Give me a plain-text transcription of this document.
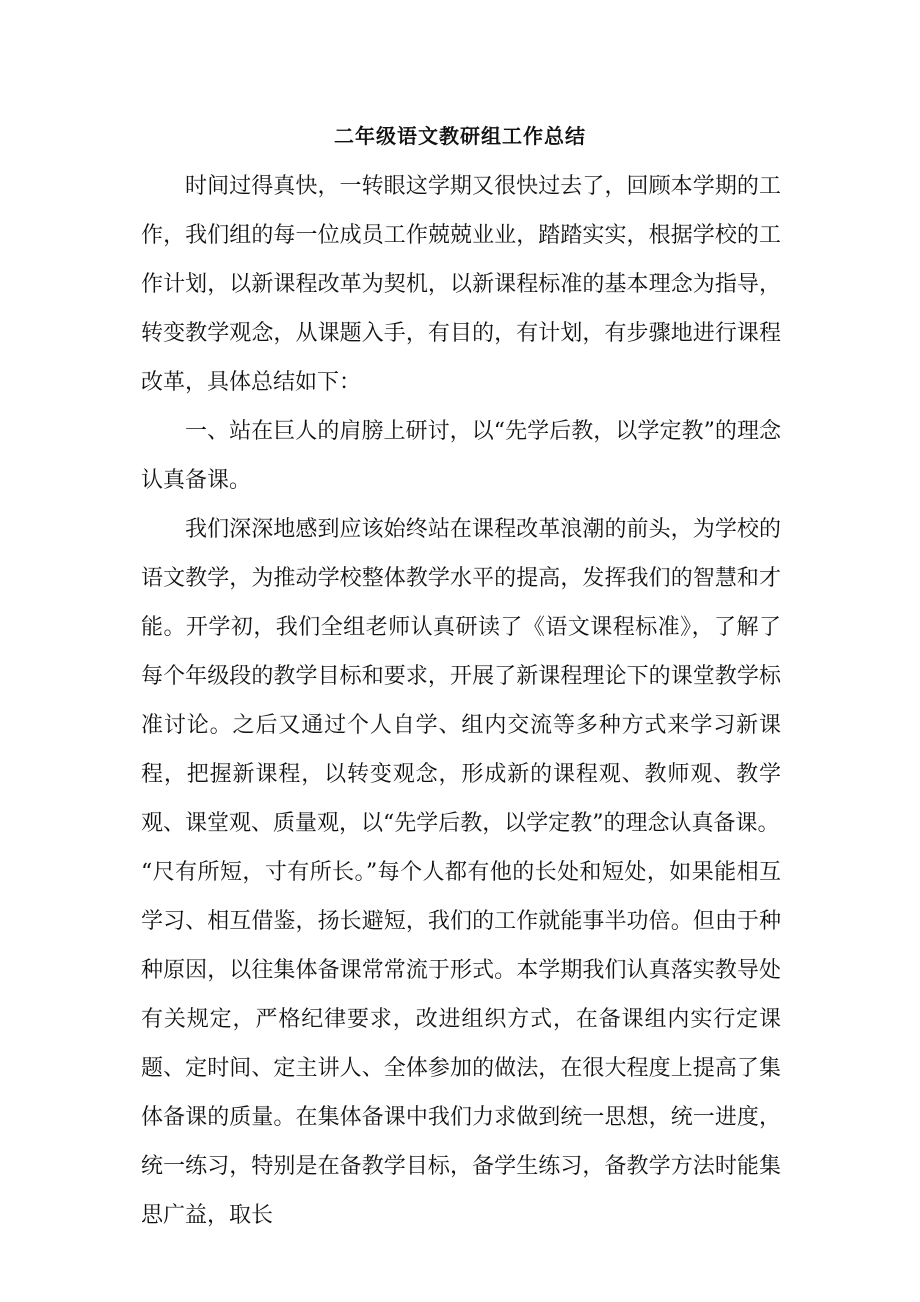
二年级语文教研组工作总结

时间过得真快，一转眼这学期又很快过去了，回顾本学期的工作，我们组的每一位成员工作兢兢业业，踏踏实实，根据学校的工作计划，以新课程改革为契机，以新课程标准的基本理念为指导，转变教学观念，从课题入手，有目的，有计划，有步骤地进行课程改革，具体总结如下：

一、站在巨人的肩膀上研讨，以“先学后教，以学定教”的理念认真备课。

我们深深地感到应该始终站在课程改革浪潮的前头，为学校的语文教学，为推动学校整体教学水平的提高，发挥我们的智慧和才能。开学初，我们全组老师认真研读了《语文课程标准》，了解了每个年级段的教学目标和要求，开展了新课程理论下的课堂教学标准讨论。之后又通过个人自学、组内交流等多种方式来学习新课程，把握新课程，以转变观念，形成新的课程观、教师观、教学观、课堂观、质量观，以“先学后教，以学定教”的理念认真备课。

“尺有所短，寸有所长。”每个人都有他的长处和短处，如果能相互学习、相互借鉴，扬长避短，我们的工作就能事半功倍。但由于种种原因，以往集体备课常常流于形式。本学期我们认真落实教导处有关规定，严格纪律要求，改进组织方式，在备课组内实行定课题、定时间、定主讲人、全体参加的做法，在很大程度上提高了集体备课的质量。在集体备课中我们力求做到统一思想，统一进度，统一练习，特别是在备教学目标，备学生练习，备教学方法时能集思广益，取长
